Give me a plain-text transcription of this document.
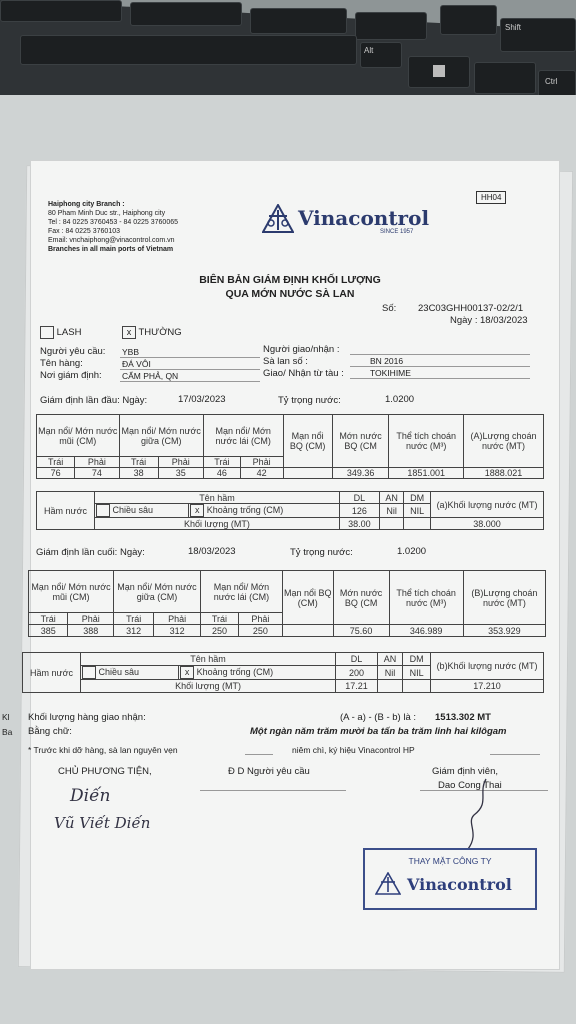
Shift
Alt
Ctrl
Kl
Ba
Haiphong city Branch :
80 Pham Minh Duc str., Haiphong city
Tel : 84 0225 3760453 - 84 0225 3760065
Fax : 84 0225 3760103
Email: vnchaiphong@vinacontrol.com.vn
Branches in all main ports of Vietnam
Vinacontrol
SINCE 1957
HH04
BIÊN BẢN GIÁM ĐỊNH KHỐI LƯỢNG
QUA MỚN NƯỚC SÀ LAN
Số: 23C03GHH00137-02/2/1
Ngày : 18/03/2023
LASH	x THƯỜNG
Người yêu cầu: YBB
Tên hàng:	ĐÁ VÔI
Nơi giám định: CẨM PHẢ, QN
Người giao/nhận :
Sà lan số :	BN 2016
Giao/ Nhận từ tàu :	TOKIHIME
Giám định lần đầu: Ngày:	17/03/2023	Tỷ trọng nước:	1.0200
Mạn nổi/ Mớn nước mũi (CM)		Mạn nổi/ Mớn nước giữa (CM)		Mạn nổi/ Mớn nước lái (CM)		Mạn nổi BQ (CM)	Mớn nước BQ (CM	Thể tích choán nước (M³)	(A)Lượng choán nước (MT)
Trái	Phải	Trái	Phải	Trái	Phải				
76	74	38	35	46	42		349.36	1851.001	1888.021
Hầm nước	Tên hầm		DL	AN	DM	(a)Khối lượng nước (MT)
	Chiều sâu	x Khoảng trống (CM)	126	Nil	NIL	
	Khối lượng (MT)		38.00			38.000
Giám định lần cuối: Ngày:	18/03/2023	Tỷ trọng nước:	1.0200
Mạn nổi/ Mớn nước mũi (CM)		Mạn nổi/ Mớn nước giữa (CM)		Mạn nổi/ Mớn nước lái (CM)		Mạn nổi BQ (CM)	Mớn nước BQ (CM	Thể tích choán nước (M³)	(B)Lượng choán nước (MT)
Trái	Phải	Trái	Phải	Trái	Phải				
385	388	312	312	250	250		75.60	346.989	353.929
Hầm nước	Tên hầm		DL	AN	DM	(b)Khối lượng nước (MT)
	Chiều sâu	x Khoảng trống (CM)	200	Nil	NIL	
	Khối lượng (MT)		17.21			17.210
Khối lượng hàng giao nhận:	(A - a) - (B - b) là : 1513.302 MT
Bằng chữ:	Một ngàn năm trăm mười ba tấn ba trăm linh hai kilôgam
* Trước khi dỡ hàng, sà lan nguyên vẹn	niêm chì, ký hiệu Vinacontrol HP
CHỦ PHƯƠNG TIỆN,	Đ D Người yêu cầu	Giám định viên,
Dao Cong Thai
Diến
Vũ Viết Diến
THAY MẶT CÔNG TY
Vinacontrol
